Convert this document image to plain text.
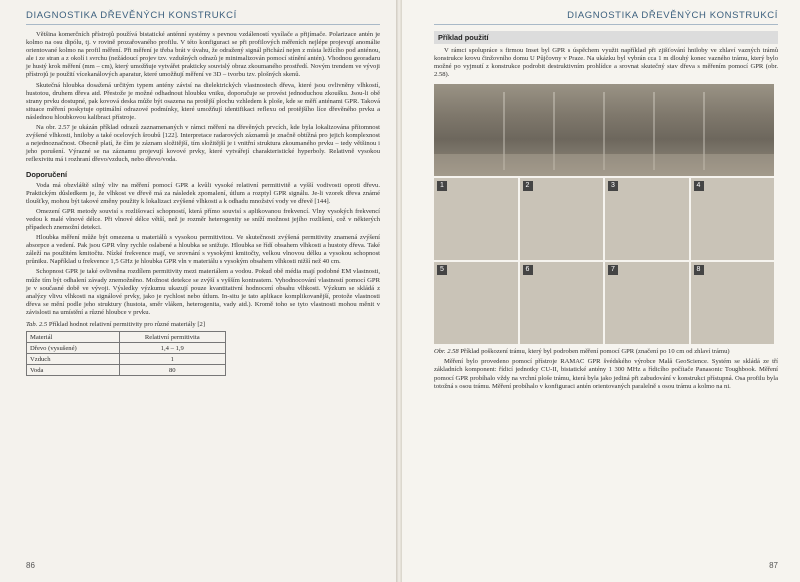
DIAGNOSTIKA DŘEVĚNÝCH KONSTRUKCÍ

Většina komerčních přístrojů používá bistatické anténní systémy s pevnou vzdáleností vysílače a přijímače. Polarizace antén je kolmo na osu dipólu, tj. v rovině prozařovaného profilu. V této konfiguraci se při profilových měřeních nejlépe projevují anomálie orientované kolmo na profil měření. Při měření je třeba brát v úvahu, že odražený signál přichází nejen z místa ležícího pod anténou, ale i ze stran a z okolí i svrchu (nežádoucí projev tzv. vzdušných odrazů je minimalizován pomocí stínění antén). Vhodnou georadaru je hustý krok měření (mm – cm), který umožňuje vytvářet prakticky souvislý obraz zkoumaného prostředí. Novým trendem ve vývoji přístrojů je použití vícekanálových aparatur, které umožňují měření ve 3D – tvorbu tzv. plošných skenů.

Skutečná hloubka dosažená určitým typem antény závisí na dielektrických vlastnostech dřeva, které jsou ovlivněny vlhkostí, hustotou, druhem dřeva atd. Přestože je možné odhadnout hloubku vniku, doporučuje se provést jednoduchou zkoušku. Jsou-li obě strany prvku dostupné, pak kovová deska může být osazena na protější plochu vzhledem k ploše, kde se měří anténami GPR. Taková situace měření poskytuje optimální odrazové podmínky, které umožňují identifikaci reflexu od protějšího líce dřevěného prvku a následnou hloubkovou kalibraci přístroje.

Na obr. 2.57 je ukázán příklad odrazů zaznamenaných v rámci měření na dřevěných prvcích, kde byla lokalizována přítomnost zvýšené vlhkosti, hniloby a také ocelových šroubů [122]. Interpretace radarových záznamů je značně obtížná pro jejich komplexnost a nejednoznačnost. Obecně platí, že čím je záznam složitější, tím složitější je i vnitřní struktura zkoumaného prvku – tedy většinou i jeho porušení. Výrazné se na záznamu projevují kovové prvky, které vytvářejí charakteristické hyperboly. Relativně vysokou reflexivitu má i rozhraní dřevo/vzduch, nebo dřevo/voda.

Doporučení

Voda má obzvláště silný vliv na měření pomocí GPR a kvůli vysoké relativní permitivitě a vyšší vodivosti oproti dřevu. Praktickým důsledkem je, že vlhkost ve dřevě má za následek zpomalení, útlum a rozptyl GPR signálu. Je-li vzorek dřeva známé tloušťky, mohou být takové změny použity k lokalizaci zvýšené vlhkosti a k odhadu množství vody ve dřevě [144].

Omezení GPR metody souvisí s rozlišovací schopností, která přímo souvisí s aplikovanou frekvencí. Vlny vysokých frekvencí vedou k malé vlnové délce. Při vlnové délce větší, než je rozměr heterogenity se sníží možnost jejího rozlišení, což v některých případech znemožní detekci.

Hloubka měření může být omezena u materiálů s vysokou permitivitou. Ve skutečnosti zvýšená permitivity znamená zvýšení absorpce a vedení. Pak jsou GPR vlny rychle oslabené a hloubka se snižuje. Hloubka se řídí obsahem vlhkosti a hustoty dřeva. Také záleží na použitém kmitočtu. Nízké frekvence mají, ve srovnání s vysokými kmitočty, velkou vlnovou délku a vysokou schopnost průniku. Například u frekvence 1,5 GHz je hloubka GPR vln v materiálu s vysokým obsahem vlhkosti nižší než 40 cm.

Schopnost GPR je také ovlivněna rozdílem permitivity mezi materiálem a vodou. Pokud obě média mají podobné EM vlastnosti, může tím být odhalení závady znemožněno. Možnost detekce se zvýší s vyšším kontrastem. Vyhodnocování vlastností pomocí GPR je v současné době ve vývoji. Výsledky výzkumu ukazují pouze kvantitativní hodnocení obsahu vlhkosti. Výzkum se skládá z analýzy vlivu vlhkosti na signálové prvky, jako je rychlost nebo útlum. In-situ je tato aplikace komplikovanější, protože vlastnosti dřeva se mění podle jeho struktury (hustota, směr vláken, heterogenita, vady atd.). Kromě toho se tyto vlastnosti mohou měnit v závislosti na umístění a různé hloubce v prvku.

Tab. 2.5 Příklad hodnot relativní permitivity pro různé materiály [2]
Materiál	Relativní permitivita
Dřevo (vysušené)	1,4 – 1,9
Vzduch	1
Voda	80
86
DIAGNOSTIKA DŘEVĚNÝCH KONSTRUKCÍ
Příklad použití

V rámci spolupráce s firmou Inset byl GPR s úspěchem využit například při zjišťování hniloby ve zhlaví vazných trámů konstrukce krovu činžovního domu U Půjčovny v Praze. Na ukázku byl vybrán cca 1 m dlouhý konec vazného trámu, který bylo možné po vyjmutí z konstrukce podrobit destruktivním prohlídce a srovnat skutečný stav dřeva s měřením pomocí GPR (obr. 2.58).

1	2	3	4
5	6	7	8
Obr. 2.58 Příklad poškození trámu, který byl podroben měření pomocí GPR (značení po 10 cm od zhlaví trámu)

Měření bylo provedeno pomocí přístroje RAMAC GPR švédského výrobce Malå GeoScience. Systém se skládá ze tří základních komponent: řídicí jednotky CU-II, bistatické antény 1 300 MHz a řídicího počítače Panasonic Toughbook. Měření pomocí GPR probíhalo vždy na vrchní ploše trámu, která byla jako jediná při zabudování v konstrukci přístupná. Osa profilu byla totožná s osou trámu. Měření probíhalo v konfiguraci antén orientovaných paralelně s osou trámu a kolmo na ni.

87
